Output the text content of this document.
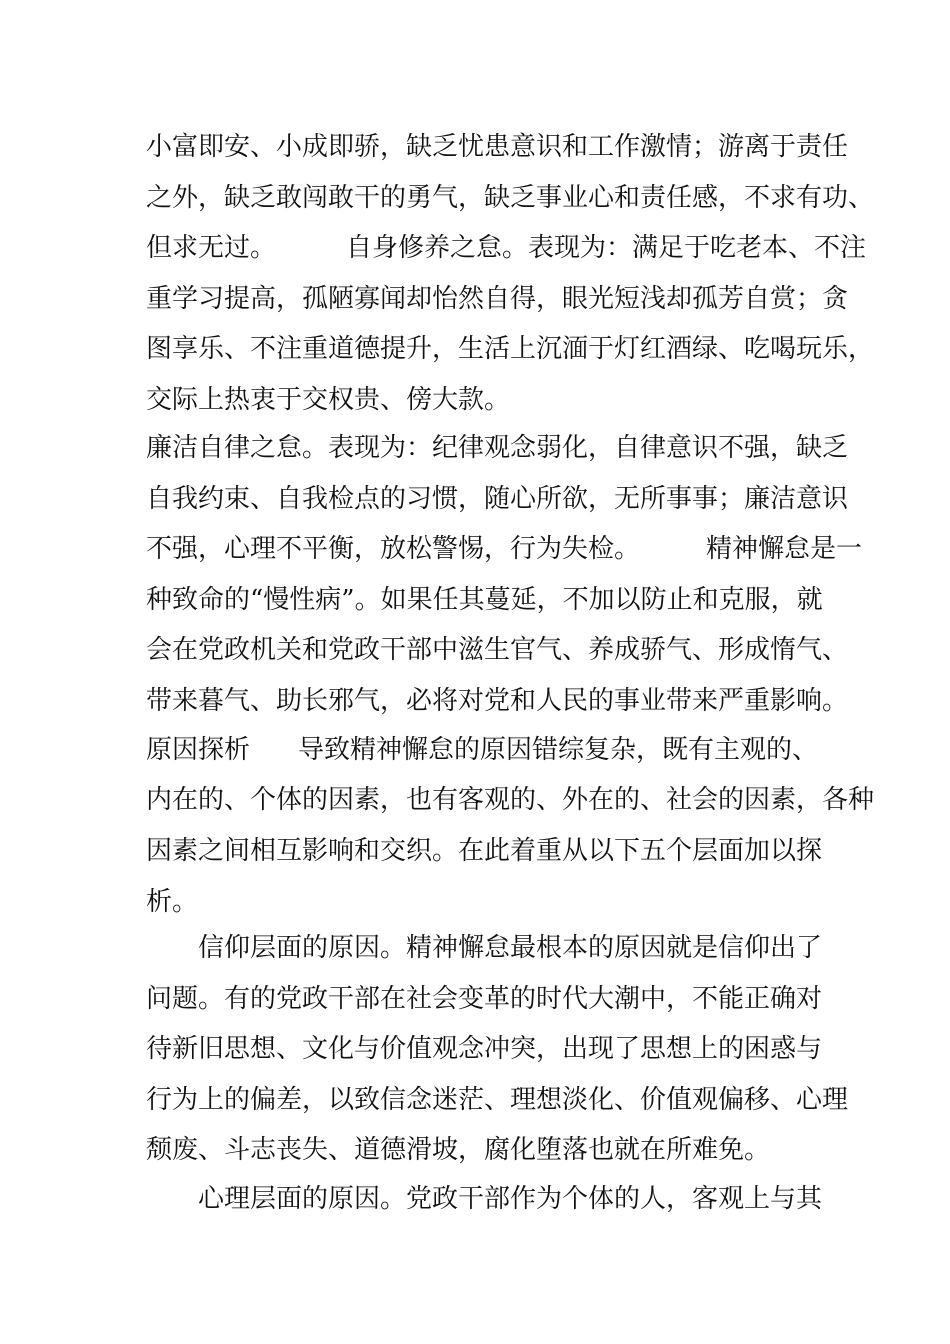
小富即安、小成即骄，缺乏忧患意识和工作激情；游离于责任
之外，缺乏敢闯敢干的勇气，缺乏事业心和责任感，不求有功、
但求无过。	自身修养之怠。表现为：满足于吃老本、不注
重学习提高，孤陋寡闻却怡然自得，眼光短浅却孤芳自赏；贪
图享乐、不注重道德提升，生活上沉湎于灯红酒绿、吃喝玩乐，
交际上热衷于交权贵、傍大款。
廉洁自律之怠。表现为：纪律观念弱化，自律意识不强，缺乏
自我约束、自我检点的习惯，随心所欲，无所事事；廉洁意识
不强，心理不平衡，放松警惕，行为失检。	精神懈怠是一
种致命的“慢性病”。如果任其蔓延，不加以防止和克服，就
会在党政机关和党政干部中滋生官气、养成骄气、形成惰气、
带来暮气、助长邪气，必将对党和人民的事业带来严重影响。
原因探析 导致精神懈怠的原因错综复杂，既有主观的、
内在的、个体的因素，也有客观的、外在的、社会的因素，各种
因素之间相互影响和交织。在此着重从以下五个层面加以探
析。
信仰层面的原因。精神懈怠最根本的原因就是信仰出了
问题。有的党政干部在社会变革的时代大潮中，不能正确对
待新旧思想、文化与价值观念冲突，出现了思想上的困惑与
行为上的偏差，以致信念迷茫、理想淡化、价值观偏移、心理
颓废、斗志丧失、道德滑坡，腐化堕落也就在所难免。
心理层面的原因。党政干部作为个体的人，客观上与其
